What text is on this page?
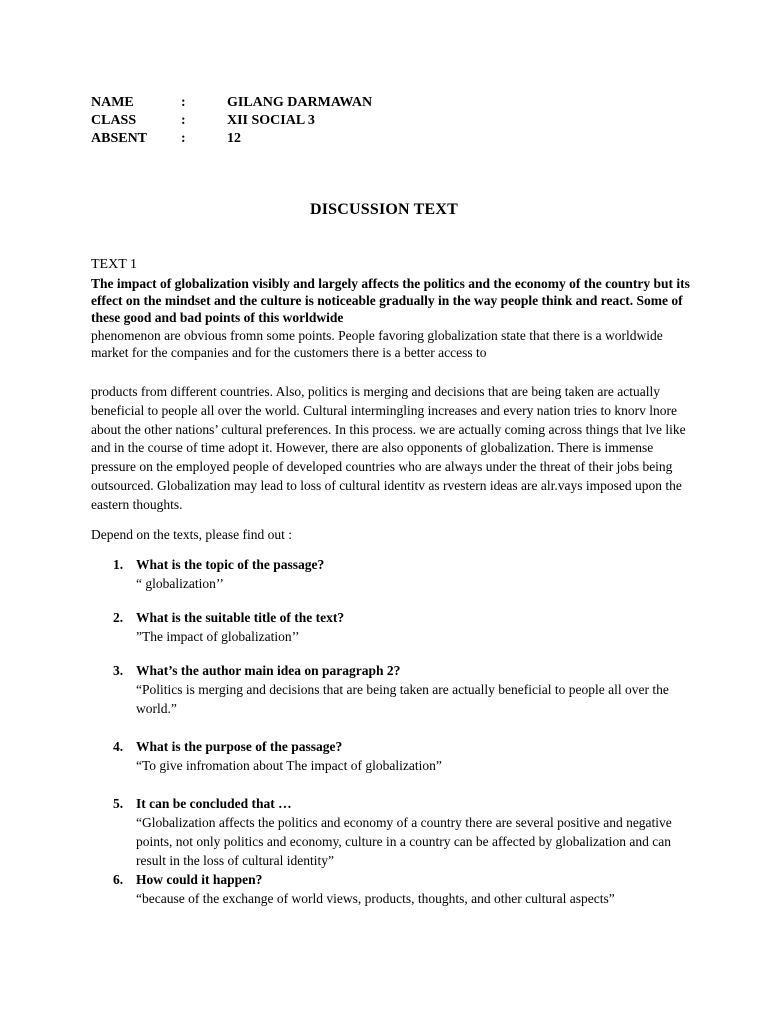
NAME	:	GILANG DARMAWAN
CLASS	:	XII SOCIAL 3
ABSENT	:	12
DISCUSSION TEXT
TEXT 1
The impact of globalization visibly and largely affects the politics and the economy of the country but its effect on the mindset and the culture is noticeable gradually in the way people think and react. Some of these good and bad points of this worldwide
phenomenon are obvious fromn some points. People favoring globalization state that there is a worldwide market for the companies and for the customers there is a better access to
products from different countries. Also, politics is merging and decisions that are being taken are actually beneficial to people all over the world. Cultural intermingling increases and every nation tries to knorv lnore about the other nations’ cultural preferences. In this process. we are actually coming across things that lve like and in the course of time adopt it. However, there are also opponents of globalization. There is immense pressure on the employed people of developed countries who are always under the threat of their jobs being outsourced. Globalization may lead to loss of cultural identitv as rvestern ideas are alr.vays imposed upon the eastern thoughts.
Depend on the texts, please find out :
1. What is the topic of the passage?
“ globalization’’
2. What is the suitable title of the text?
”The impact of globalization’’
3. What’s the author main idea on paragraph 2?
“Politics is merging and decisions that are being taken are actually beneficial to people all over the world.”
4. What is the purpose of the passage?
“To give infromation about The impact of globalization”
5. It can be concluded that …
“Globalization affects the politics and economy of a country there are several positive and negative points, not only politics and economy, culture in a country can be affected by globalization and can result in the loss of cultural identity”
6. How could it happen?
“because of the exchange of world views, products, thoughts, and other cultural aspects”
